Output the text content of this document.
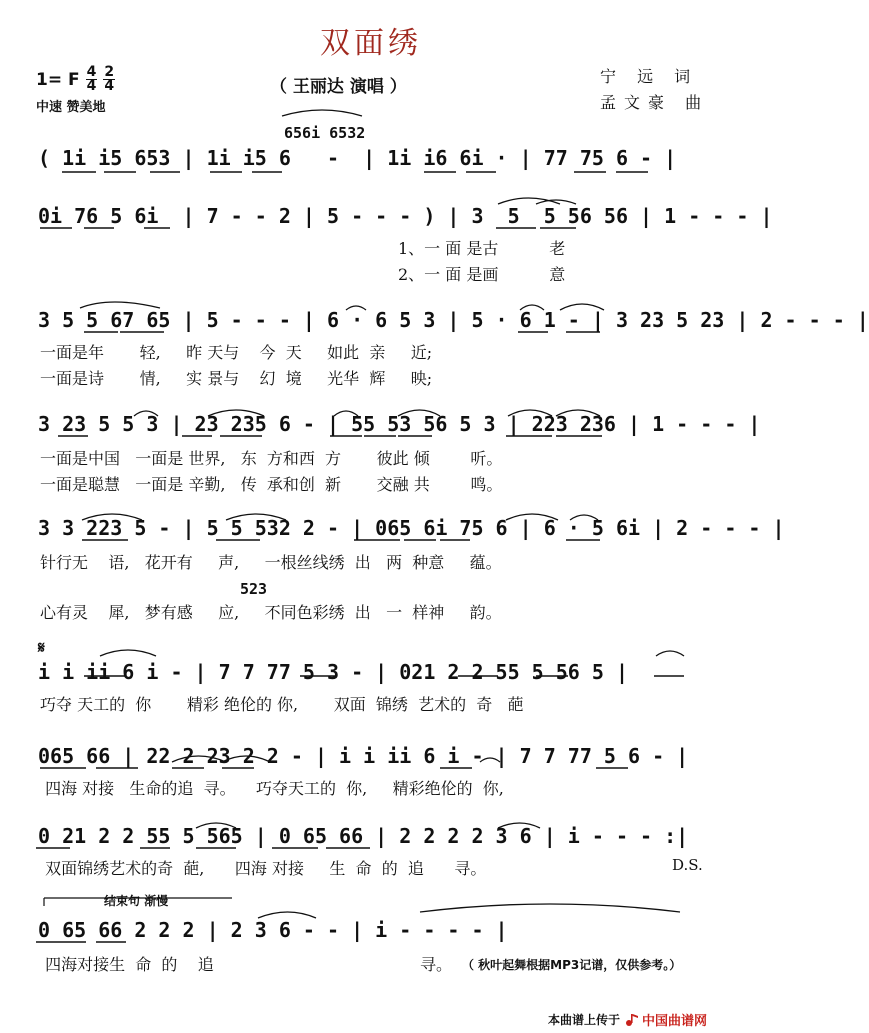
双面绣
（ 王丽达 演唱 ）
1= F $\frac{4}{4} \frac{2}{4}$
中速 赞美地
宁 远 词
孟文豪 曲
656i 6532
( 1i i5 653 | 1i i5 6   -  | 1i i6 6i · | 77 75 6 - |
0i 76 5 6i  | 7 - - 2 | 5 - - - ) | 3  5  5 56 56 | 1 - - - |
1、一 面 是古          老
2、一 面 是画          意
3 5 5 67 65 | 5 - - - | 6 · 6 5 3 | 5 · 6 1 - | 3 23 5 23 | 2 - - - |
一面是年       轻,     昨 天与    今  天     如此  亲     近;
一面是诗       情,     实 景与    幻  境     光华  辉     映;
3 23 5 5 3 | 23 235 6 - | 55 53 56 5 3 | 223 236 | 1 - - - |
一面是中国   一面是 世界,   东  方和西  方       彼此 倾        听。
一面是聪慧   一面是 辛勤,   传  承和创  新       交融 共        鸣。
3 3 223 5 - | 5 5 532 2 - | 065 6i 75 6 | 6 · 5 6i | 2 - - - |
针行无    语,   花开有     声,     一根丝线绣  出   两  种意     蕴。
523
心有灵    犀,   梦有感     应,     不同色彩绣  出   一  样神     韵。
𝄋
i i ii 6 i - | 7 7 77 5 3 - | 021 2 2 55 5 56 5 |
巧夺 天工的  你       精彩 绝伦的 你,       双面  锦绣  艺术的  奇   葩
065 66 | 22 2 23 2 2 - | i i ii 6 i - | 7 7 77 5 6 - |
四海 对接   生命的追  寻。    巧夺天工的  你,     精彩绝伦的  你,
0 21 2 2 55 5 565 | 0 65 66 | 2 2 2 2 3 6 | i - - - :|
双面锦绣艺术的奇  葩,      四海 对接     生  命  的  追      寻。	D.S.
结束句 渐慢
0 65 66 2 2 2 | 2 3 6 - - | i - - - - |
四海对接生  命  的    追	寻。 （ 秋叶起舞根据MP3记谱，仅供参考。）
本曲谱上传于 中国曲谱网
